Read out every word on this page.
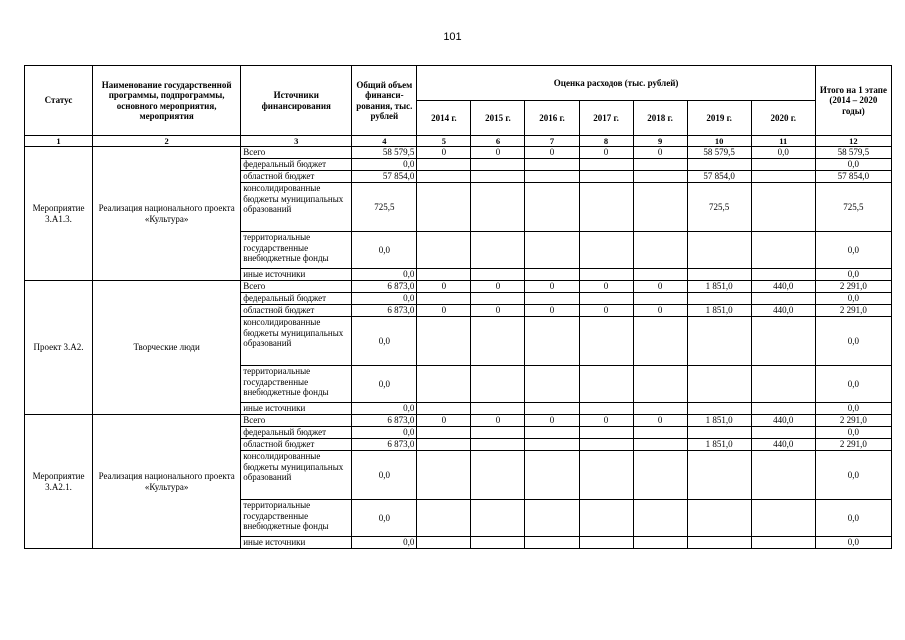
101
Статус	Наименование государственной программы, подпрограммы, основного мероприятия, мероприятия	Источники финансирования	Общий объем финанси-рования, тыс. рублей	Оценка расходов (тыс. рублей)							Итого на 1 этапе (2014 – 2020 годы)
				2014 г.	2015 г.	2016 г.	2017 г.	2018 г.	2019 г.	2020 г.	
1	2	3	4	5	6	7	8	9	10	11	12
Мероприятие 3.А1.3.	Реализация национального проекта «Культура»	Всего	58 579,5	0	0	0	0	0	58 579,5	0,0	58 579,5
		федеральный бюджет	0,0								0,0
		областной бюджет	57 854,0						57 854,0		57 854,0
		консолидированные бюджеты муниципальных образований	725,5						725,5		725,5
		территориальные государственные внебюджетные фонды	0,0								0,0
		иные источники	0,0								0,0
Проект 3.А2.	Творческие люди	Всего	6 873,0	0	0	0	0	0	1 851,0	440,0	2 291,0
		федеральный бюджет	0,0								0,0
		областной бюджет	6 873,0	0	0	0	0	0	1 851,0	440,0	2 291,0
		консолидированные бюджеты муниципальных образований	0,0								0,0
		территориальные государственные внебюджетные фонды	0,0								0,0
		иные источники	0,0								0,0
Мероприятие 3.А2.1.	Реализация национального проекта «Культура»	Всего	6 873,0	0	0	0	0	0	1 851,0	440,0	2 291,0
		федеральный бюджет	0,0								0,0
		областной бюджет	6 873,0						1 851,0	440,0	2 291,0
		консолидированные бюджеты муниципальных образований	0,0								0,0
		территориальные государственные внебюджетные фонды	0,0								0,0
		иные источники	0,0								0,0
